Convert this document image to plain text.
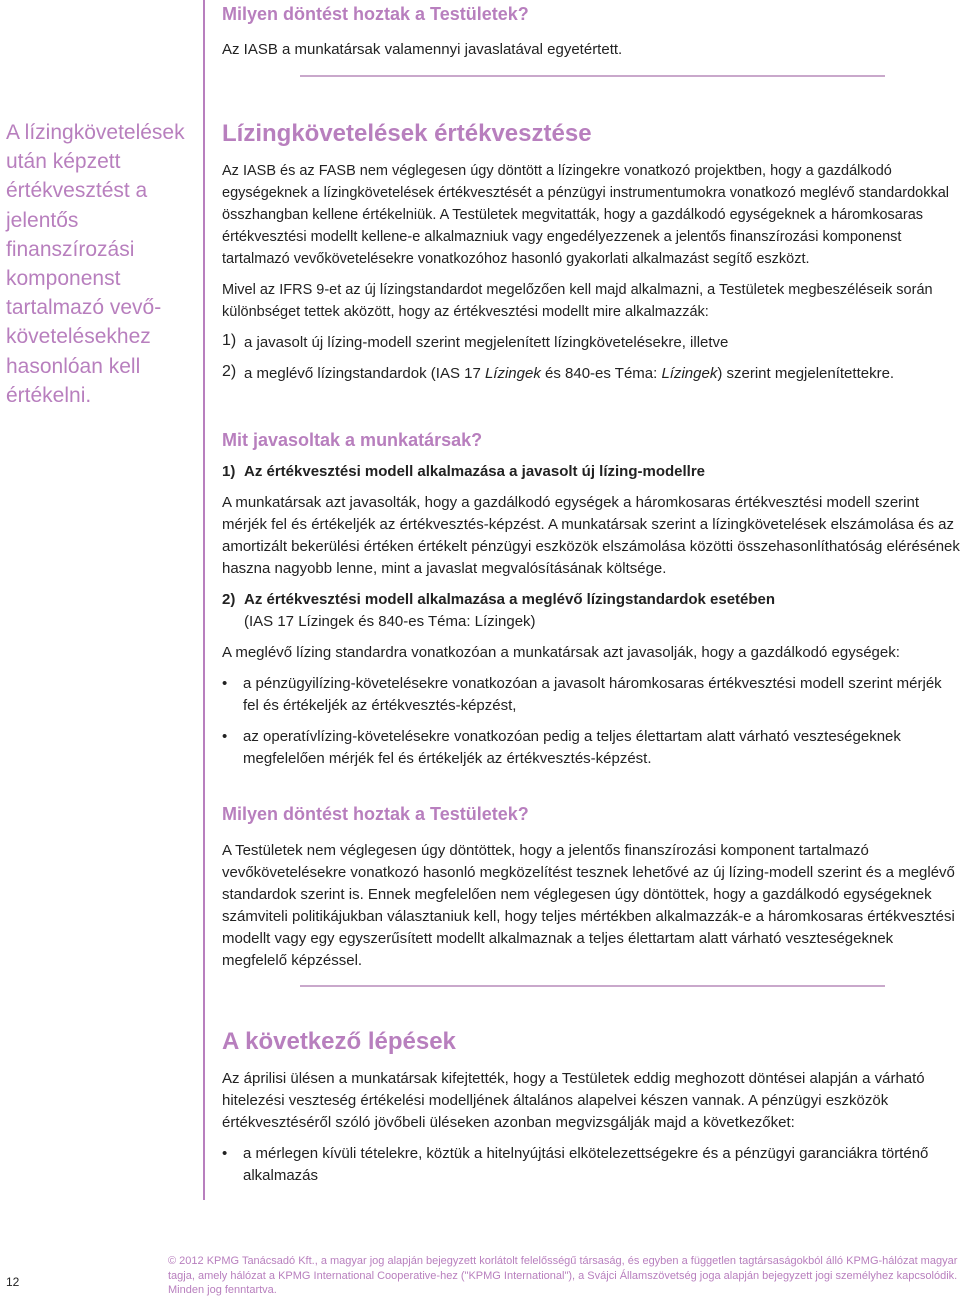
Milyen döntést hoztak a Testületek?

Az IASB a munkatársak valamennyi javaslatával egyetértett.

A lízingkövetelések után képzett értékvesztést a jelentős finanszírozási komponenst tartalmazó vevő-követelésekhez hasonlóan kell értékelni.

Lízingkövetelések értékvesztése

Az IASB és az FASB nem véglegesen úgy döntött a lízingekre vonatkozó projektben, hogy a gazdálkodó egységeknek a lízingkövetelések értékvesztését a pénzügyi instrumentumokra vonatkozó meglévő standardokkal összhangban kellene értékelniük. A Testületek megvitatták, hogy a gazdálkodó egységeknek a háromkosaras értékvesztési modellt kellene-e alkalmazniuk vagy engedélyezzenek a jelentős finanszírozási komponenst tartalmazó vevőkövetelésekre vonatkozóhoz hasonló gyakorlati alkalmazást segítő eszközt.

Mivel az IFRS 9-et az új lízingstandardot megelőzően kell majd alkalmazni, a Testületek megbeszéléseik során különbséget tettek aközött, hogy az értékvesztési modellt mire alkalmazzák:

1) a javasolt új lízing-modell szerint megjelenített lízingkövetelésekre, illetve

2) a meglévő lízingstandardok (IAS 17 Lízingek és 840-es Téma: Lízingek) szerint megjelenítettekre.

Mit javasoltak a munkatársak?

1) Az értékvesztési modell alkalmazása a javasolt új lízing-modellre

A munkatársak azt javasolták, hogy a gazdálkodó egységek a háromkosaras értékvesztési modell szerint mérjék fel és értékeljék az értékvesztés-képzést. A munkatársak szerint a lízingkövetelések elszámolása és az amortizált bekerülési értéken értékelt pénzügyi eszközök elszámolása közötti összehasonlíthatóság elérésének haszna nagyobb lenne, mint a javaslat megvalósításának költsége.

2) Az értékvesztési modell alkalmazása a meglévő lízingstandardok esetében

(IAS 17 Lízingek és 840-es Téma: Lízingek)

A meglévő lízing standardra vonatkozóan a munkatársak azt javasolják, hogy a gazdálkodó egységek:

• a pénzügyilízing-követelésekre vonatkozóan a javasolt háromkosaras értékvesztési modell szerint mérjék fel és értékeljék az értékvesztés-képzést,

• az operatívlízing-követelésekre vonatkozóan pedig a teljes élettartam alatt várható veszteségeknek megfelelően mérjék fel és értékeljék az értékvesztés-képzést.

Milyen döntést hoztak a Testületek?

A Testületek nem véglegesen úgy döntöttek, hogy a jelentős finanszírozási komponent tartalmazó vevőkövetelésekre vonatkozó hasonló megközelítést tesznek lehetővé az új lízing-modell szerint és a meglévő standardok szerint is. Ennek megfelelően nem véglegesen úgy döntöttek, hogy a gazdálkodó egységeknek számviteli politikájukban választaniuk kell, hogy teljes mértékben alkalmazzák-e a háromkosaras értékvesztési modellt vagy egy egyszerűsített modellt alkalmaznak a teljes élettartam alatt várható veszteségeknek megfelelő képzéssel.

A következő lépések

Az áprilisi ülésen a munkatársak kifejtették, hogy a Testületek eddig meghozott döntései alapján a várható hitelezési veszteség értékelési modelljének általános alapelvei készen vannak. A pénzügyi eszközök értékvesztéséről szóló jövőbeli üléseken azonban megvizsgálják majd a következőket:

• a mérlegen kívüli tételekre, köztük a hitelnyújtási elkötelezettségekre és a pénzügyi garanciákra történő alkalmazás

12

© 2012 KPMG Tanácsadó Kft., a magyar jog alapján bejegyzett korlátolt felelősségű társaság, és egyben a független tagtársaságokból álló KPMG-hálózat magyar tagja, amely hálózat a KPMG International Cooperative-hez ("KPMG International"), a Svájci Államszövetség joga alapján bejegyzett jogi személyhez kapcsolódik. Minden jog fenntartva.
